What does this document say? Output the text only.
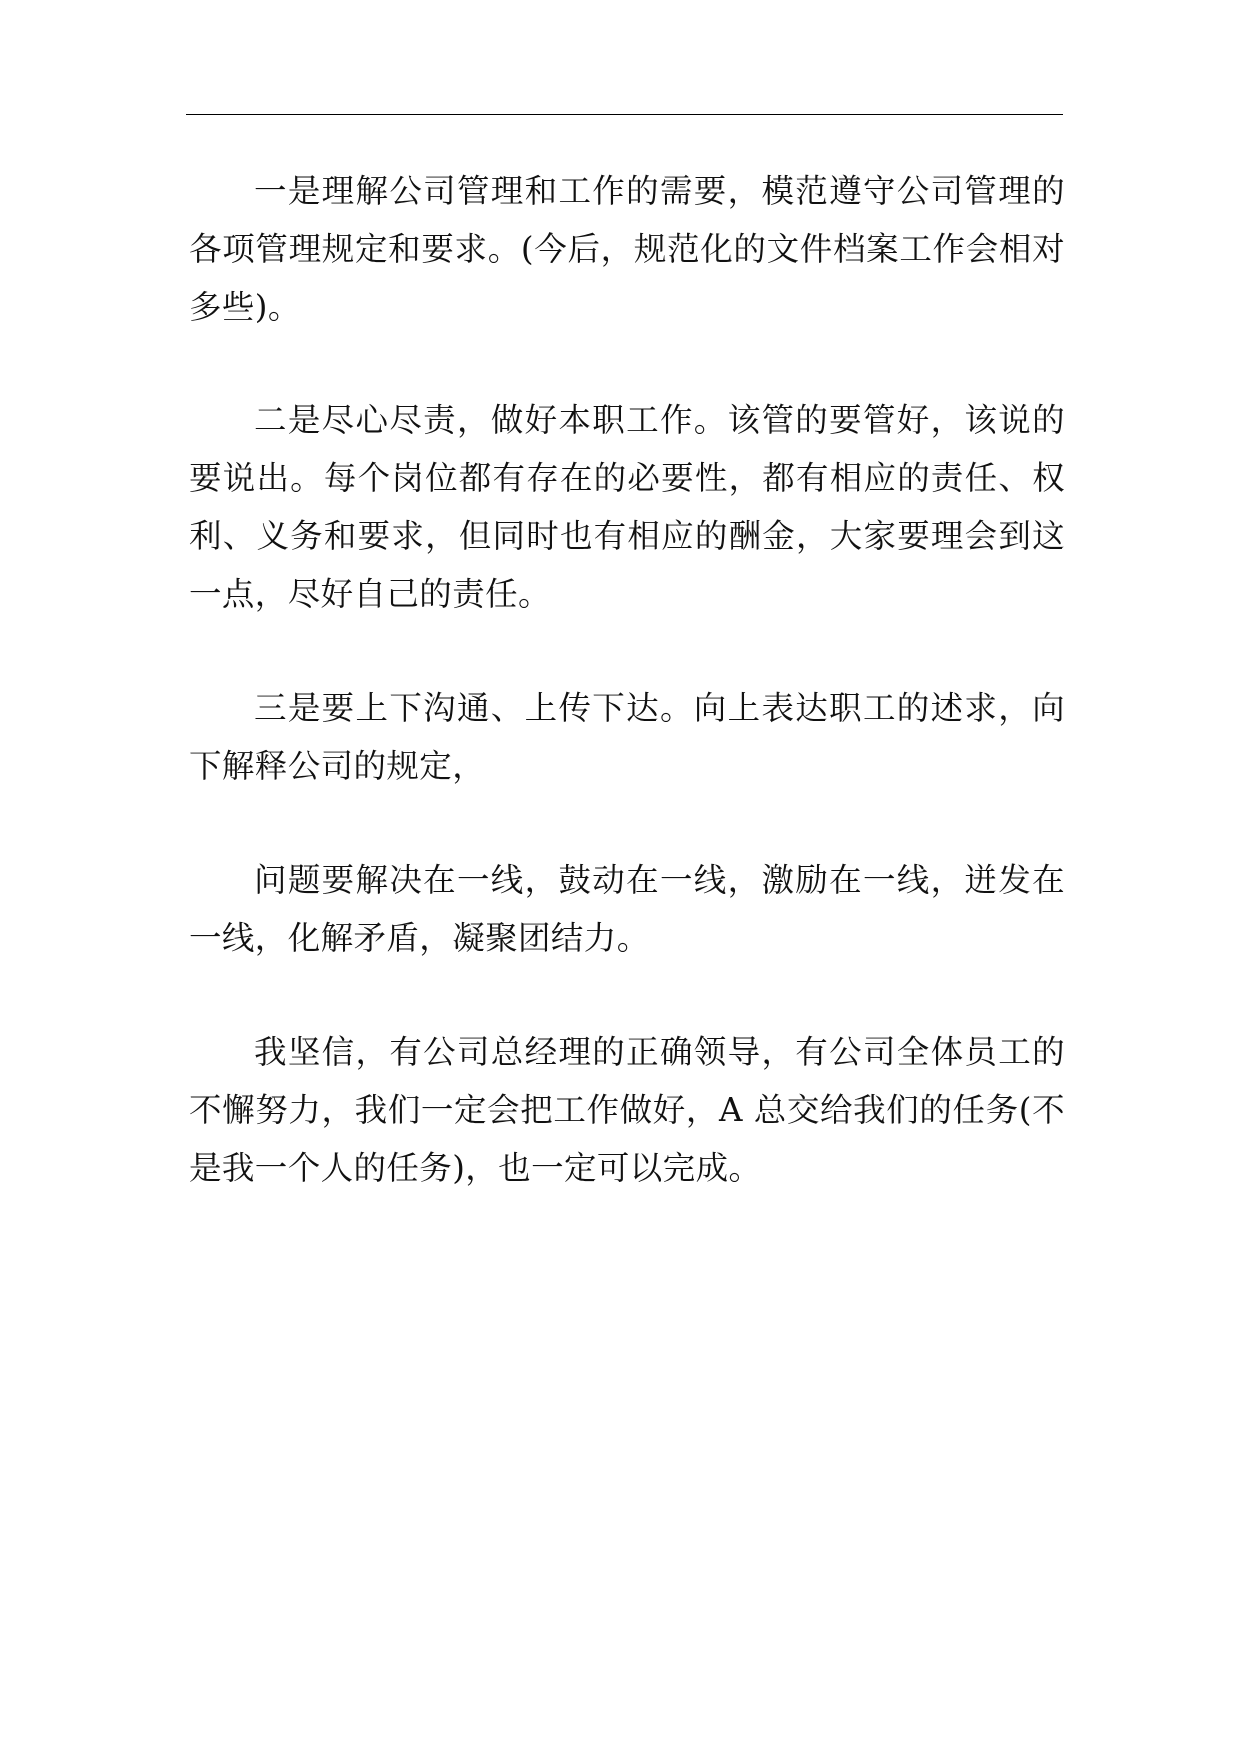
一是理解公司管理和工作的需要，模范遵守公司管理的各项管理规定和要求。(今后，规范化的文件档案工作会相对多些)。

二是尽心尽责，做好本职工作。该管的要管好，该说的要说出。每个岗位都有存在的必要性，都有相应的责任、权利、义务和要求，但同时也有相应的酬金，大家要理会到这一点，尽好自己的责任。

三是要上下沟通、上传下达。向上表达职工的述求，向下解释公司的规定，

问题要解决在一线，鼓动在一线，激励在一线，迸发在一线，化解矛盾，凝聚团结力。

我坚信，有公司总经理的正确领导，有公司全体员工的不懈努力，我们一定会把工作做好，A 总交给我们的任务(不是我一个人的任务)，也一定可以完成。
